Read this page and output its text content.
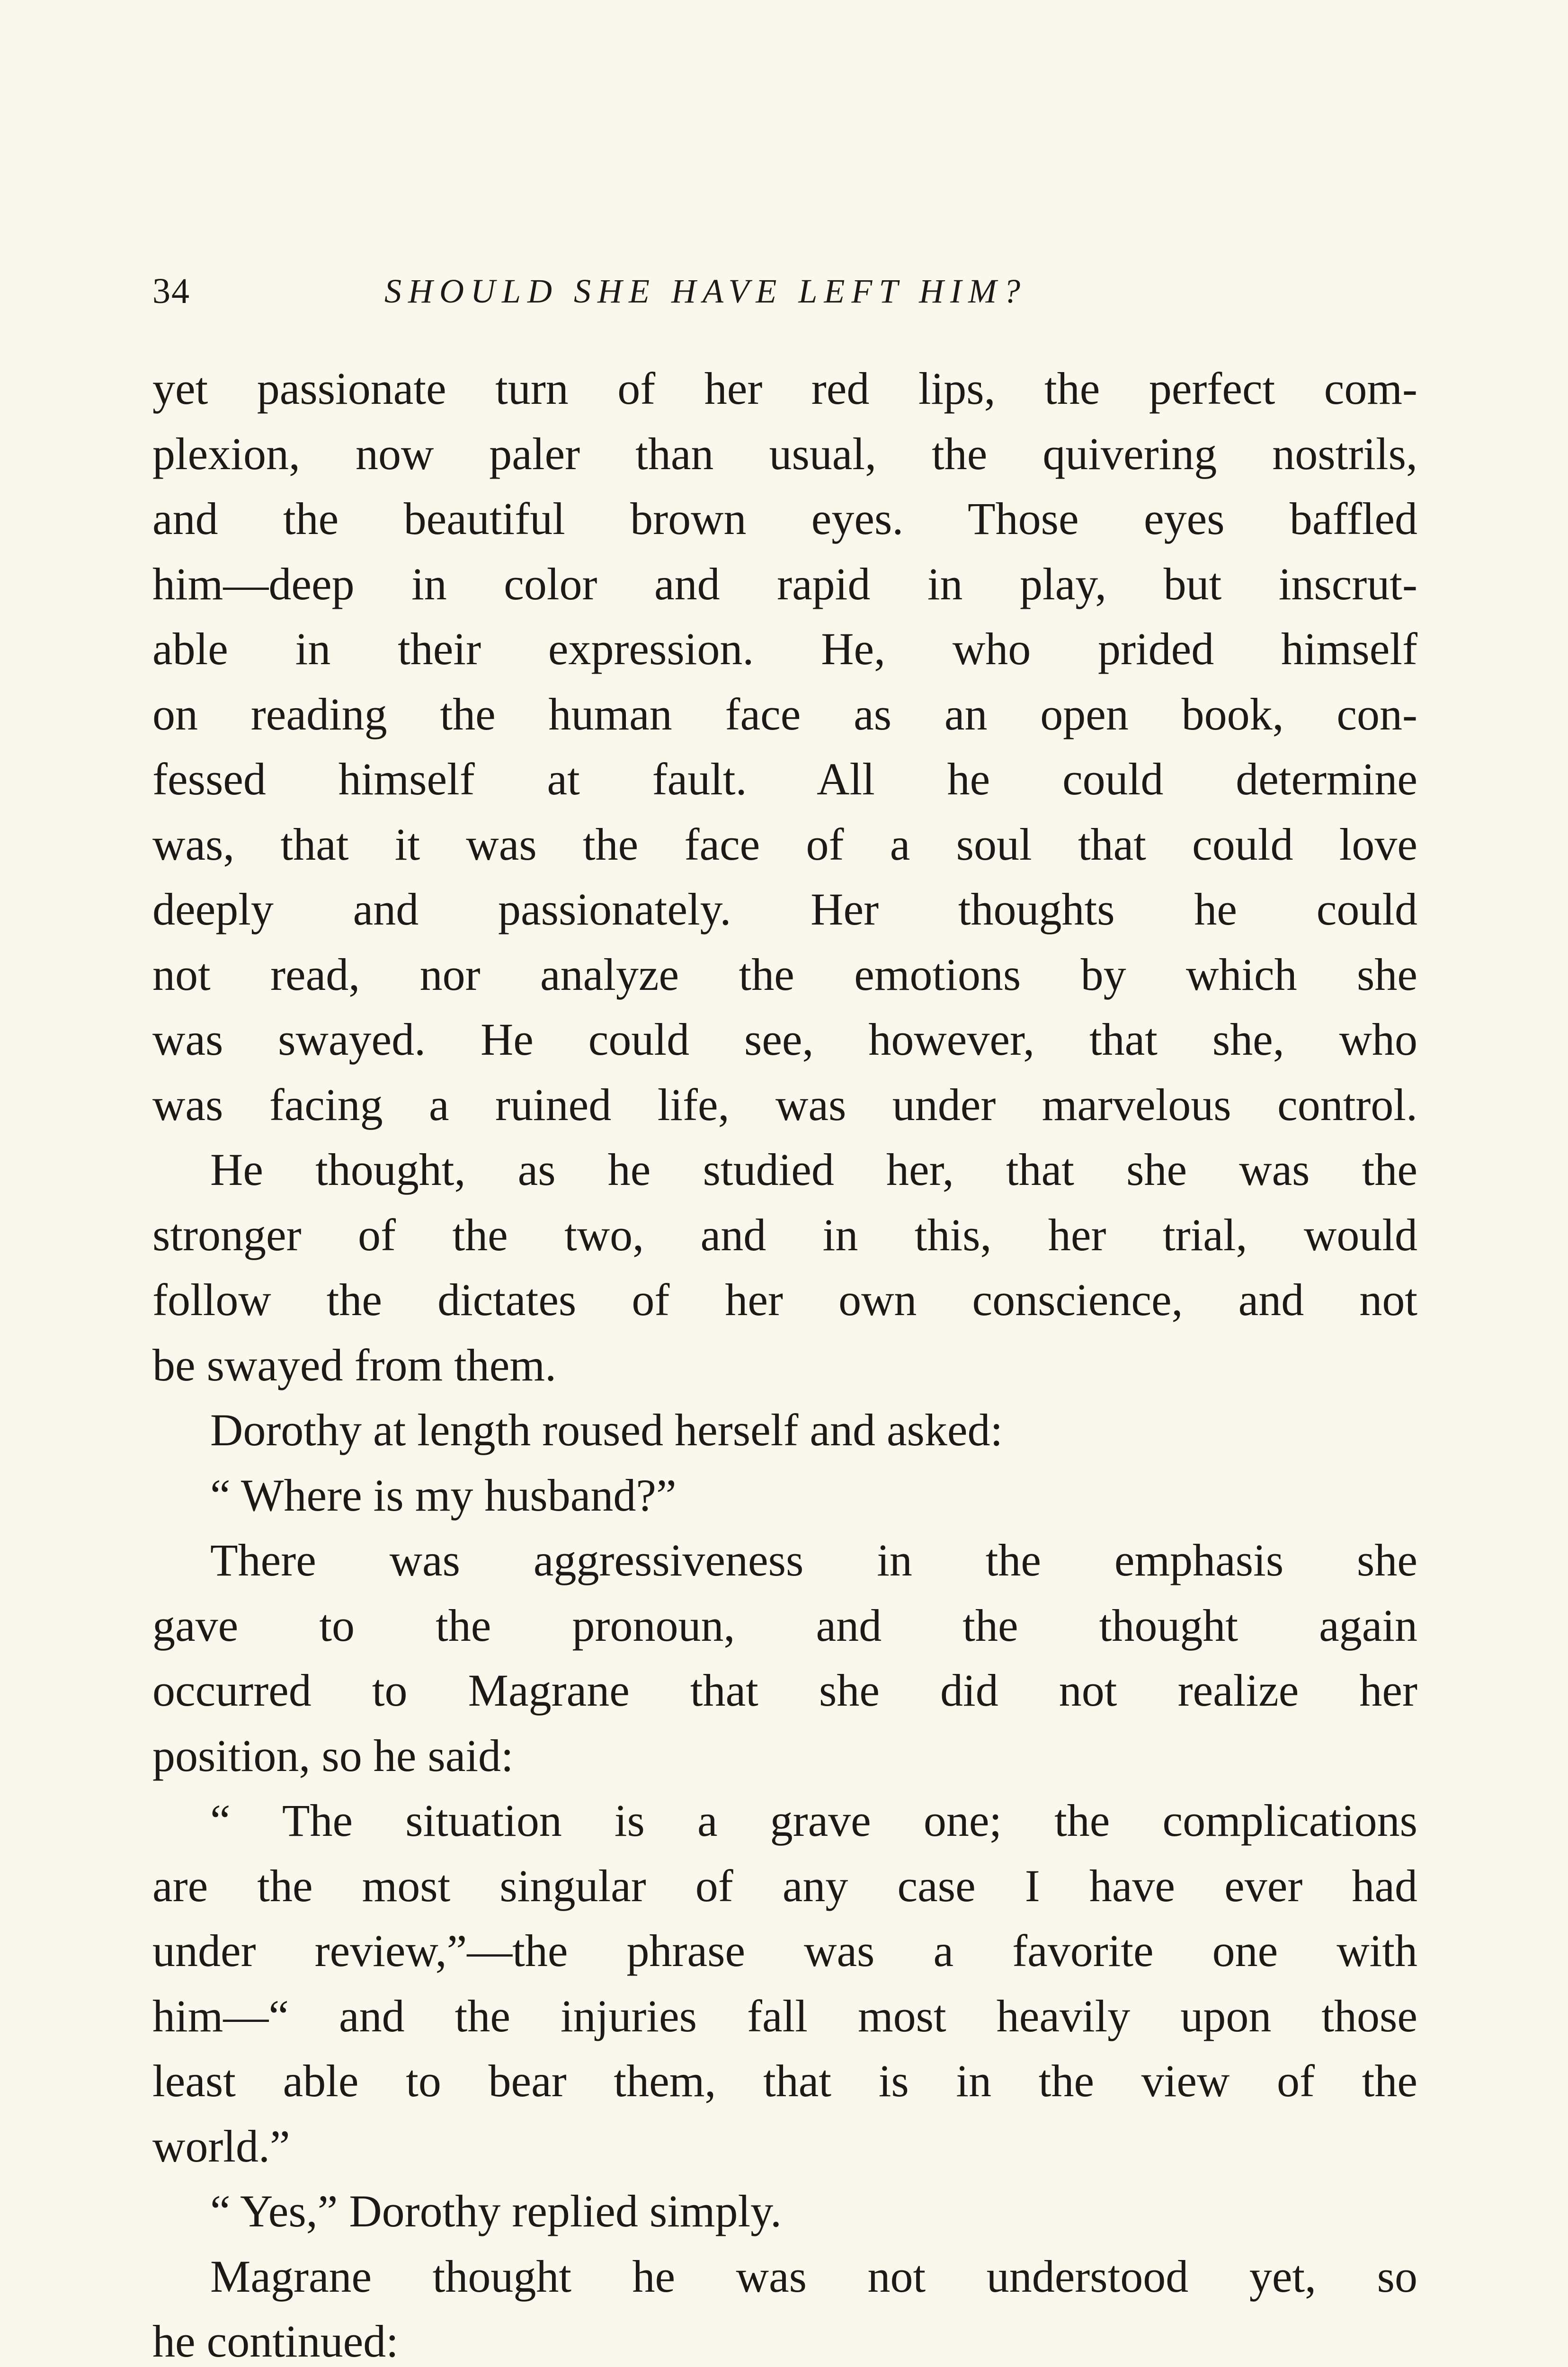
34	SHOULD SHE HAVE LEFT HIM?
yet passionate turn of her red lips, the perfect com-
plexion, now paler than usual, the quivering nostrils,
and the beautiful brown eyes. Those eyes baffled
him—deep in color and rapid in play, but inscrut-
able in their expression. He, who prided himself
on reading the human face as an open book, con-
fessed himself at fault. All he could determine
was, that it was the face of a soul that could love
deeply and passionately. Her thoughts he could
not read, nor analyze the emotions by which she
was swayed. He could see, however, that she, who
was facing a ruined life, was under marvelous control.
He thought, as he studied her, that she was the
stronger of the two, and in this, her trial, would
follow the dictates of her own conscience, and not
be swayed from them.
Dorothy at length roused herself and asked:
“ Where is my husband?”
There was aggressiveness in the emphasis she
gave to the pronoun, and the thought again
occurred to Magrane that she did not realize her
position, so he said:
“ The situation is a grave one; the complications
are the most singular of any case I have ever had
under review,”—the phrase was a favorite one with
him—“ and the injuries fall most heavily upon those
least able to bear them, that is in the view of the
world.”
“ Yes,” Dorothy replied simply.
Magrane thought he was not understood yet, so
he continued:
